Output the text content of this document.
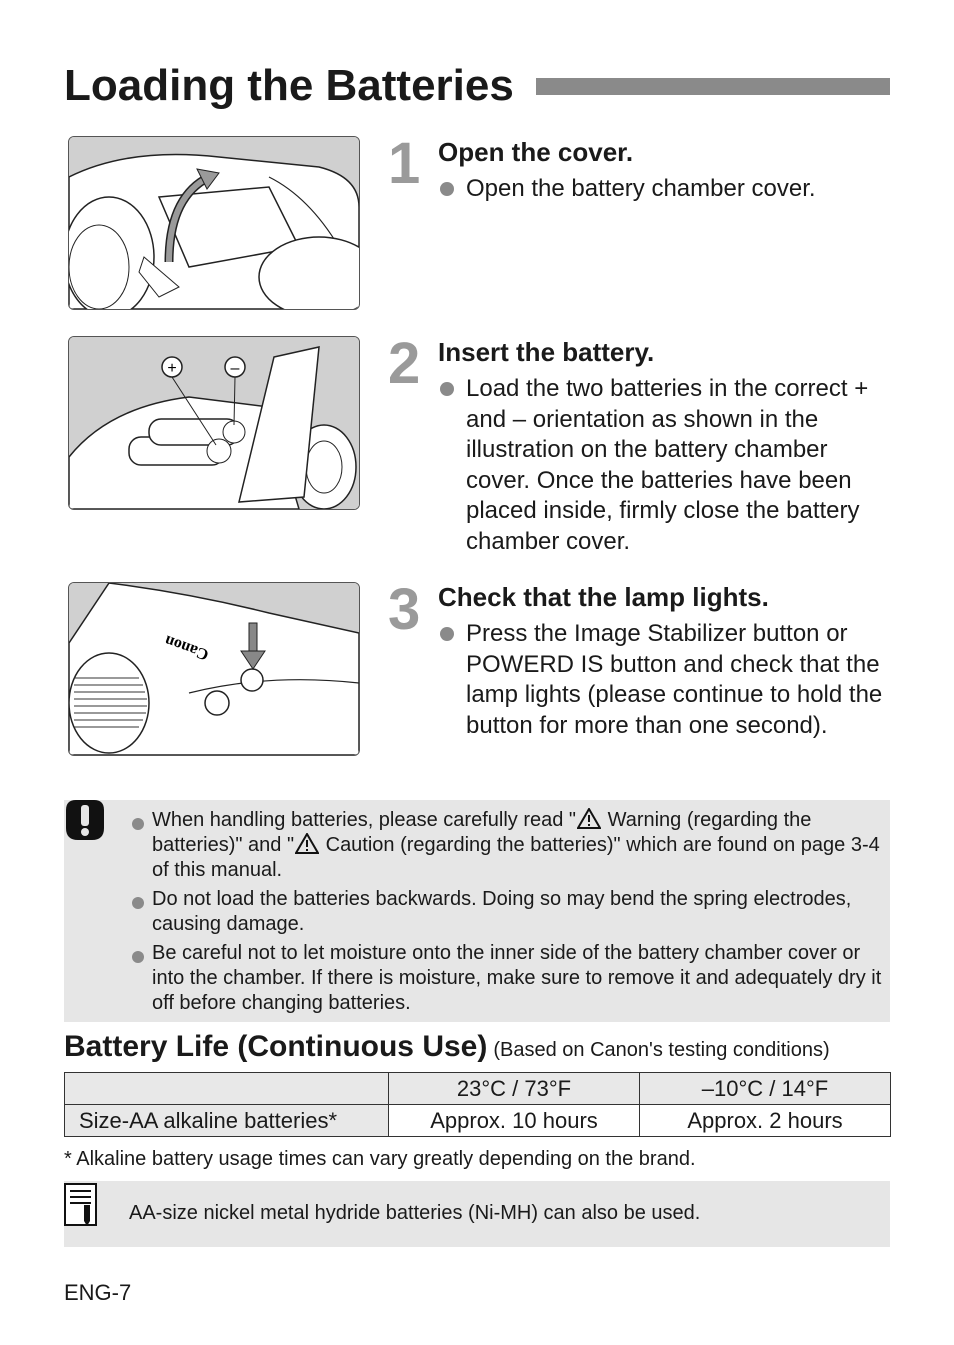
Loading the Batteries
+	–
Canon
1 Open the cover.
Open the battery chamber cover.
2 Insert the battery.
Load the two batteries in the correct + and – orientation as shown in the illustration on the battery chamber cover. Once the batteries have been placed inside, firmly close the battery chamber cover.
3 Check that the lamp lights.
Press the Image Stabilizer button or POWERD IS button and check that the lamp lights (please continue to hold the button for more than one second).
When handling batteries, please carefully read " Warning (regarding the batteries)" and " Caution (regarding the batteries)" which are found on page 3-4 of this manual.
Do not load the batteries backwards. Doing so may bend the spring electrodes, causing damage.
Be careful not to let moisture onto the inner side of the battery chamber cover or into the chamber. If there is moisture, make sure to remove it and adequately dry it off before changing batteries.
Battery Life (Continuous Use) (Based on Canon's testing conditions)
	23°C / 73°F	–10°C / 14°F
Size-AA alkaline batteries*	Approx. 10 hours	Approx. 2 hours
* Alkaline battery usage times can vary greatly depending on the brand.
AA-size nickel metal hydride batteries (Ni-MH) can also be used.
ENG-7
